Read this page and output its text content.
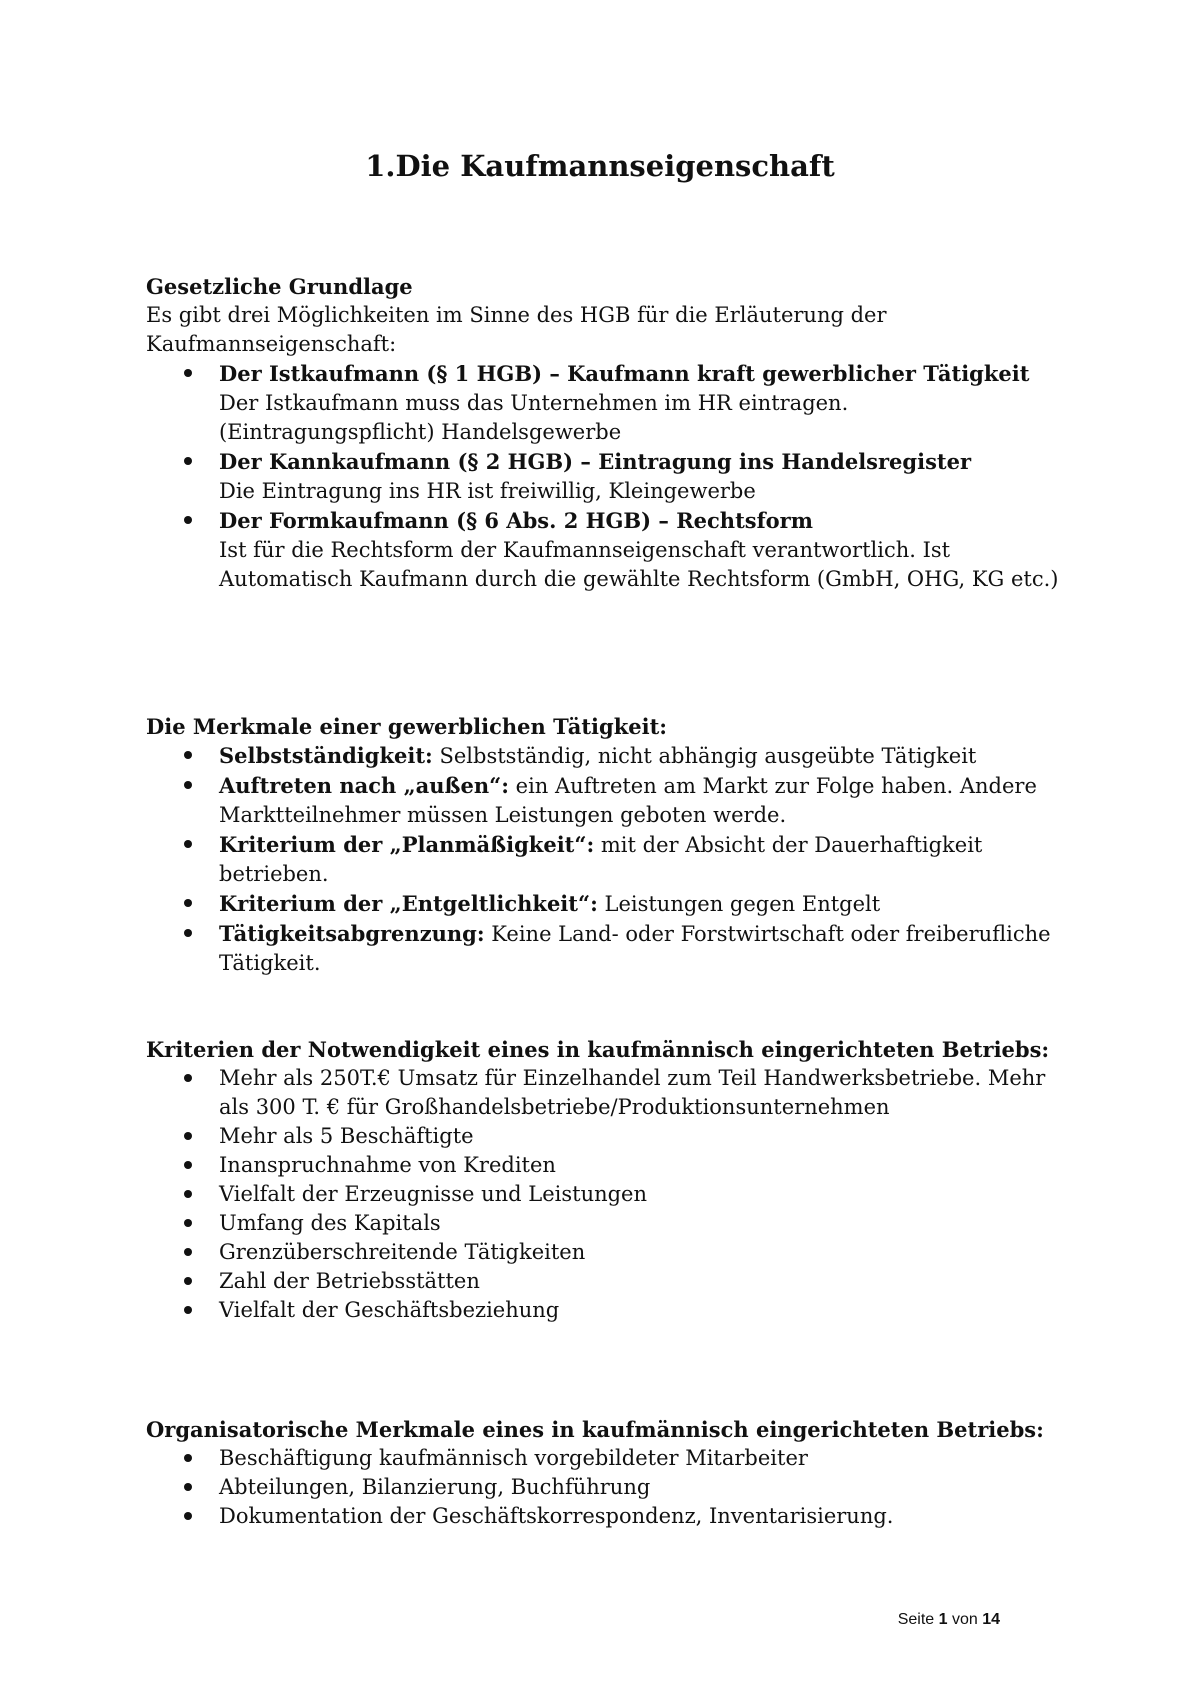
1.Die Kaufmannseigenschaft
Gesetzliche Grundlage

Es gibt drei Möglichkeiten im Sinne des HGB für die Erläuterung der Kaufmannseigenschaft:

Der Istkaufmann (§ 1 HGB) – Kaufmann kraft gewerblicher Tätigkeit
Der Istkaufmann muss das Unternehmen im HR eintragen. (Eintragungspflicht) Handelsgewerbe
Der Kannkaufmann (§ 2 HGB) – Eintragung ins Handelsregister
Die Eintragung ins HR ist freiwillig, Kleingewerbe
Der Formkaufmann (§ 6 Abs. 2 HGB) – Rechtsform
Ist für die Rechtsform der Kaufmannseigenschaft verantwortlich. Ist Automatisch Kaufmann durch die gewählte Rechtsform (GmbH, OHG, KG etc.)
Die Merkmale einer gewerblichen Tätigkeit:
Selbstständigkeit: Selbstständig, nicht abhängig ausgeübte Tätigkeit
Auftreten nach „außen“: ein Auftreten am Markt zur Folge haben. Andere Marktteilnehmer müssen Leistungen geboten werde.
Kriterium der „Planmäßigkeit“: mit der Absicht der Dauerhaftigkeit betrieben.
Kriterium der „Entgeltlichkeit“: Leistungen gegen Entgelt
Tätigkeitsabgrenzung: Keine Land- oder Forstwirtschaft oder freiberufliche Tätigkeit.
Kriterien der Notwendigkeit eines in kaufmännisch eingerichteten Betriebs:
Mehr als 250T.€ Umsatz für Einzelhandel zum Teil Handwerksbetriebe. Mehr als 300 T. € für Großhandelsbetriebe/Produktionsunternehmen
Mehr als 5 Beschäftigte
Inanspruchnahme von Krediten
Vielfalt der Erzeugnisse und Leistungen
Umfang des Kapitals
Grenzüberschreitende Tätigkeiten
Zahl der Betriebsstätten
Vielfalt der Geschäftsbeziehung
Organisatorische Merkmale eines in kaufmännisch eingerichteten Betriebs:
Beschäftigung kaufmännisch vorgebildeter Mitarbeiter
Abteilungen, Bilanzierung, Buchführung
Dokumentation der Geschäftskorrespondenz, Inventarisierung.
Seite 1 von 14
